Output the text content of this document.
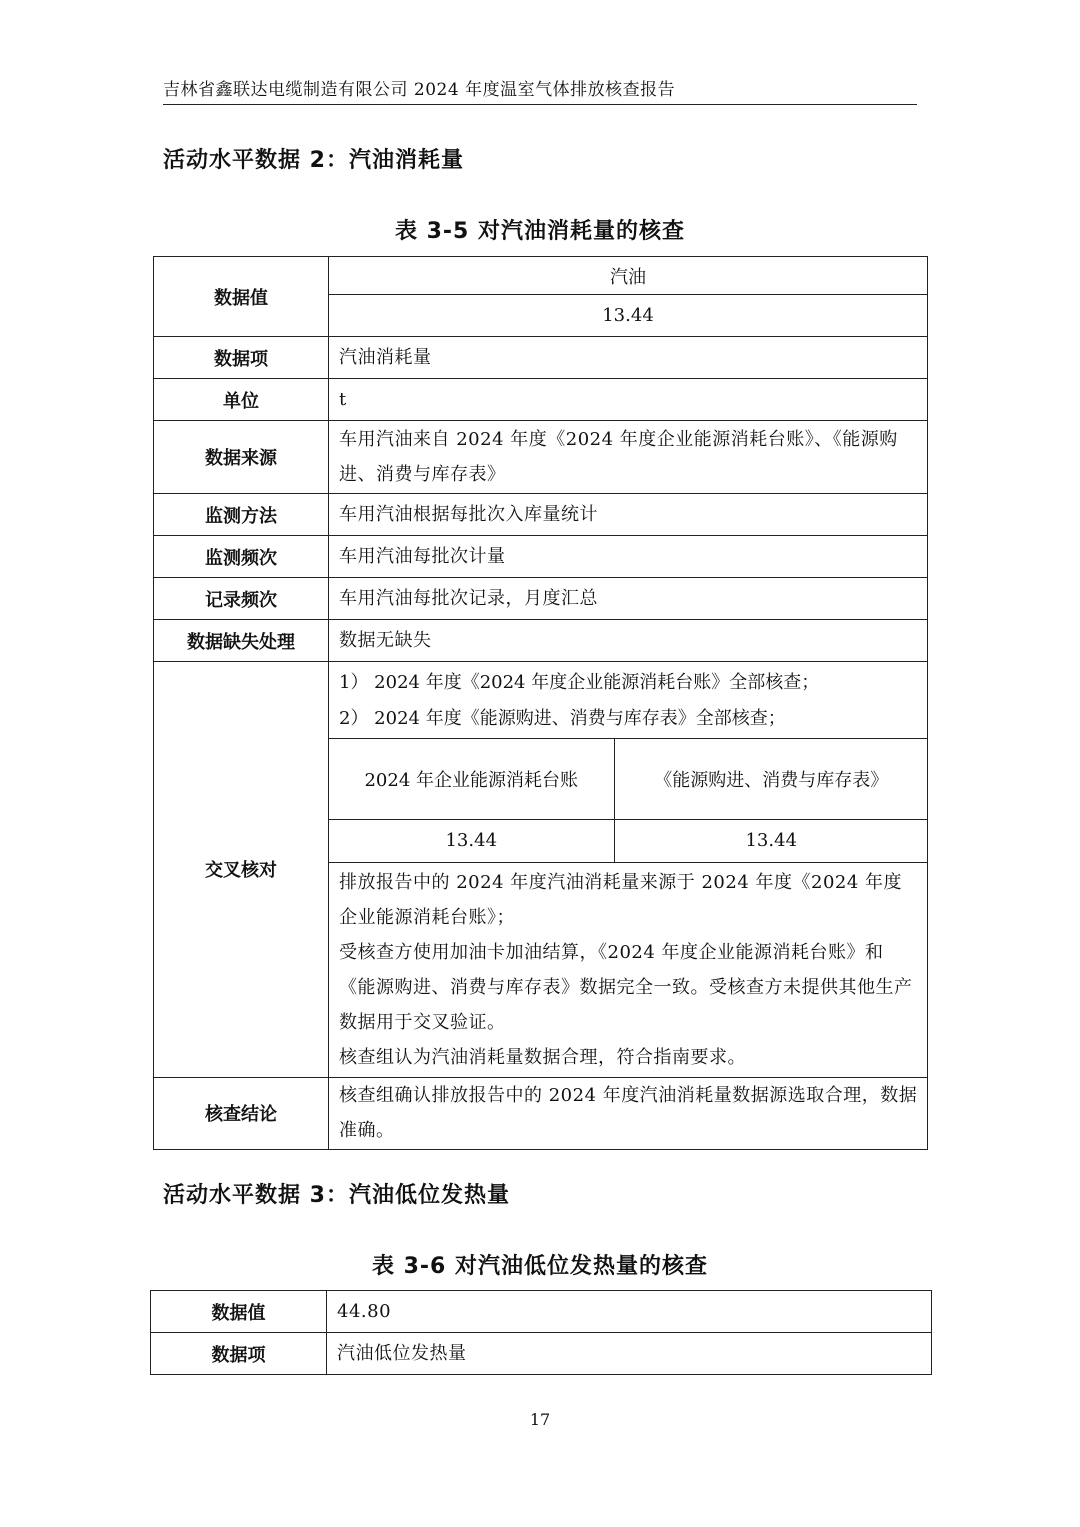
吉林省鑫联达电缆制造有限公司 2024 年度温室气体排放核查报告
活动水平数据 2：汽油消耗量
表 3-5 对汽油消耗量的核查
数据值	汽油
13.44
数据项	汽油消耗量
单位	t
数据来源	车用汽油来自 2024 年度《2024 年度企业能源消耗台账》、《能源购进、消费与库存表》
监测方法	车用汽油根据每批次入库量统计
监测频次	车用汽油每批次计量
记录频次	车用汽油每批次记录，月度汇总
数据缺失处理	数据无缺失
交叉核对	
1） 2024 年度《2024 年度企业能源消耗台账》全部核查；
2） 2024 年度《能源购进、消费与库存表》全部核查；
2024 年企业能源消耗台账	《能源购进、消费与库存表》
13.44	13.44
排放报告中的 2024 年度汽油消耗量来源于 2024 年度《2024 年度企业能源消耗台账》；
受核查方使用加油卡加油结算，《2024 年度企业能源消耗台账》和《能源购进、消费与库存表》数据完全一致。受核查方未提供其他生产数据用于交叉验证。
核查组认为汽油消耗量数据合理，符合指南要求。

核查结论	核查组确认排放报告中的 2024 年度汽油消耗量数据源选取合理，数据准确。
活动水平数据 3：汽油低位发热量
表 3-6 对汽油低位发热量的核查
数据值	44.80
数据项	汽油低位发热量
17
